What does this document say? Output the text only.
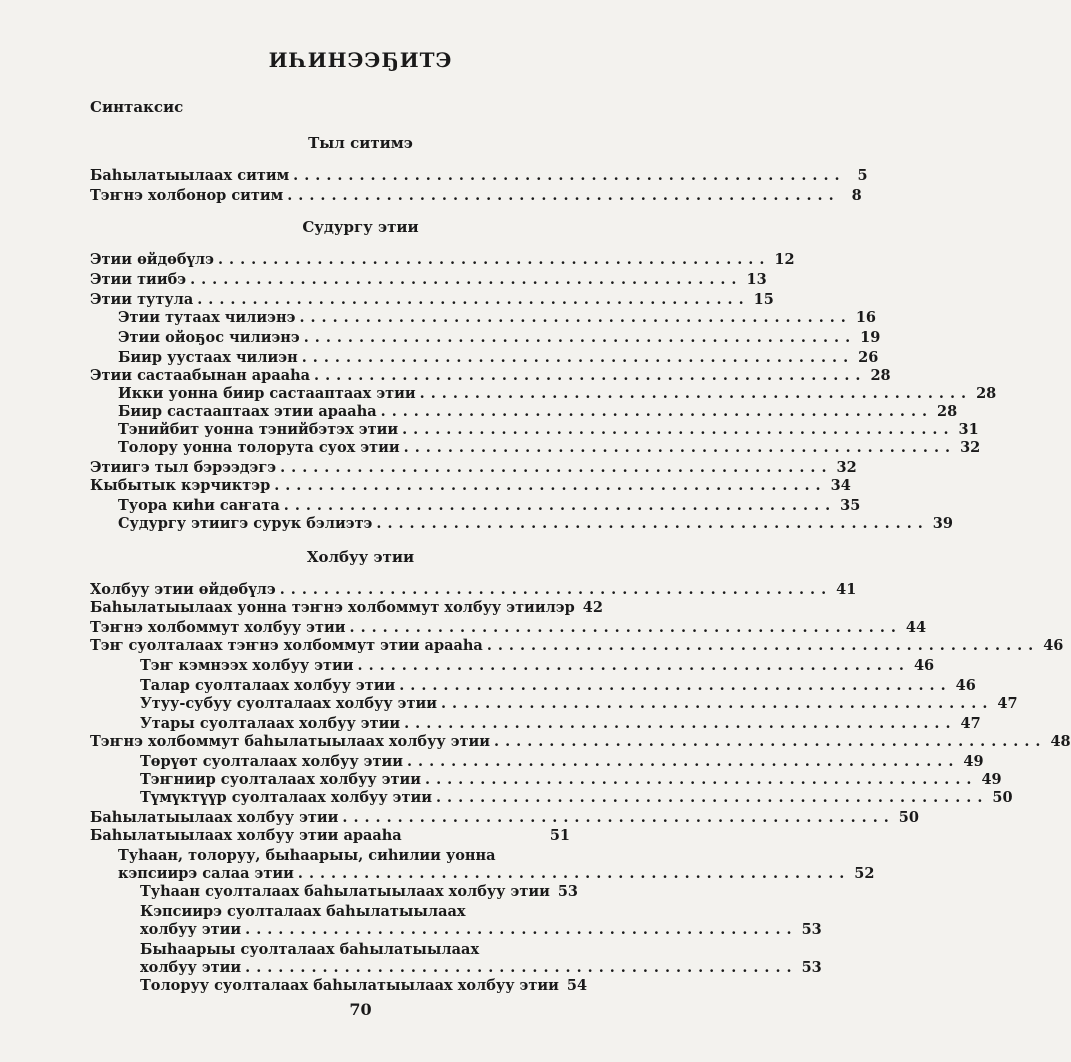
ИҺИНЭЭҔИТЭ
Синтаксис
Тыл ситимэ
Баһылатыылаах ситим .................................................. 5
Тэҥнэ холбонор ситим .................................................. 8
Судургу этии
Этии өйдөбүлэ .................................................. 12
Этии тиибэ .................................................. 13
Этии тутула .................................................. 15
Этии тутаах чилиэнэ .................................................. 16
Этии ойоҕос чилиэнэ .................................................. 19
Биир уустаах чилиэн .................................................. 26
Этии састаабынан арааһа .................................................. 28
Икки уонна биир састааптаах этии .................................................. 28
Биир састааптаах этии арааһа .................................................. 28
Тэнийбит уонна тэнийбэтэх этии .................................................. 31
Толору уонна толорута суох этии .................................................. 32
Этиигэ тыл бэрээдэгэ .................................................. 32
Кыбытык кэрчиктэр .................................................. 34
Туора киһи саҥата .................................................. 35
Судургу этиигэ сурук бэлиэтэ .................................................. 39
Холбуу этии
Холбуу этии өйдөбүлэ .................................................. 41
Баһылатыылаах уонна тэҥнэ холбоммут холбуу этиилэр 42
Тэҥнэ холбоммут холбуу этии .................................................. 44
Тэҥ суолталаах тэҥнэ холбоммут этии арааһа .................................................. 46
Тэҥ кэмнээх холбуу этии .................................................. 46
Талар суолталаах холбуу этии .................................................. 46
Утуу-субуу суолталаах холбуу этии .................................................. 47
Утары суолталаах холбуу этии .................................................. 47
Тэҥнэ холбоммут баһылатыылаах холбуу этии .................................................. 48
Төрүөт суолталаах холбуу этии .................................................. 49
Тэҥниир суолталаах холбуу этии .................................................. 49
Түмүктүүр суолталаах холбуу этии .................................................. 50
Баһылатыылаах холбуу этии .................................................. 50
Баһылатыылаах холбуу этии арааһа	51
Туһаан, толоруу, быһаарыы, сиһилии уонна
кэпсиирэ салаа этии .................................................. 52
Туһаан суолталаах баһылатыылаах холбуу этии 53
Кэпсиирэ суолталаах баһылатыылаах
холбуу этии .................................................. 53
Быһаарыы суолталаах баһылатыылаах
холбуу этии .................................................. 53
Толоруу суолталаах баһылатыылаах холбуу этии 54
70
